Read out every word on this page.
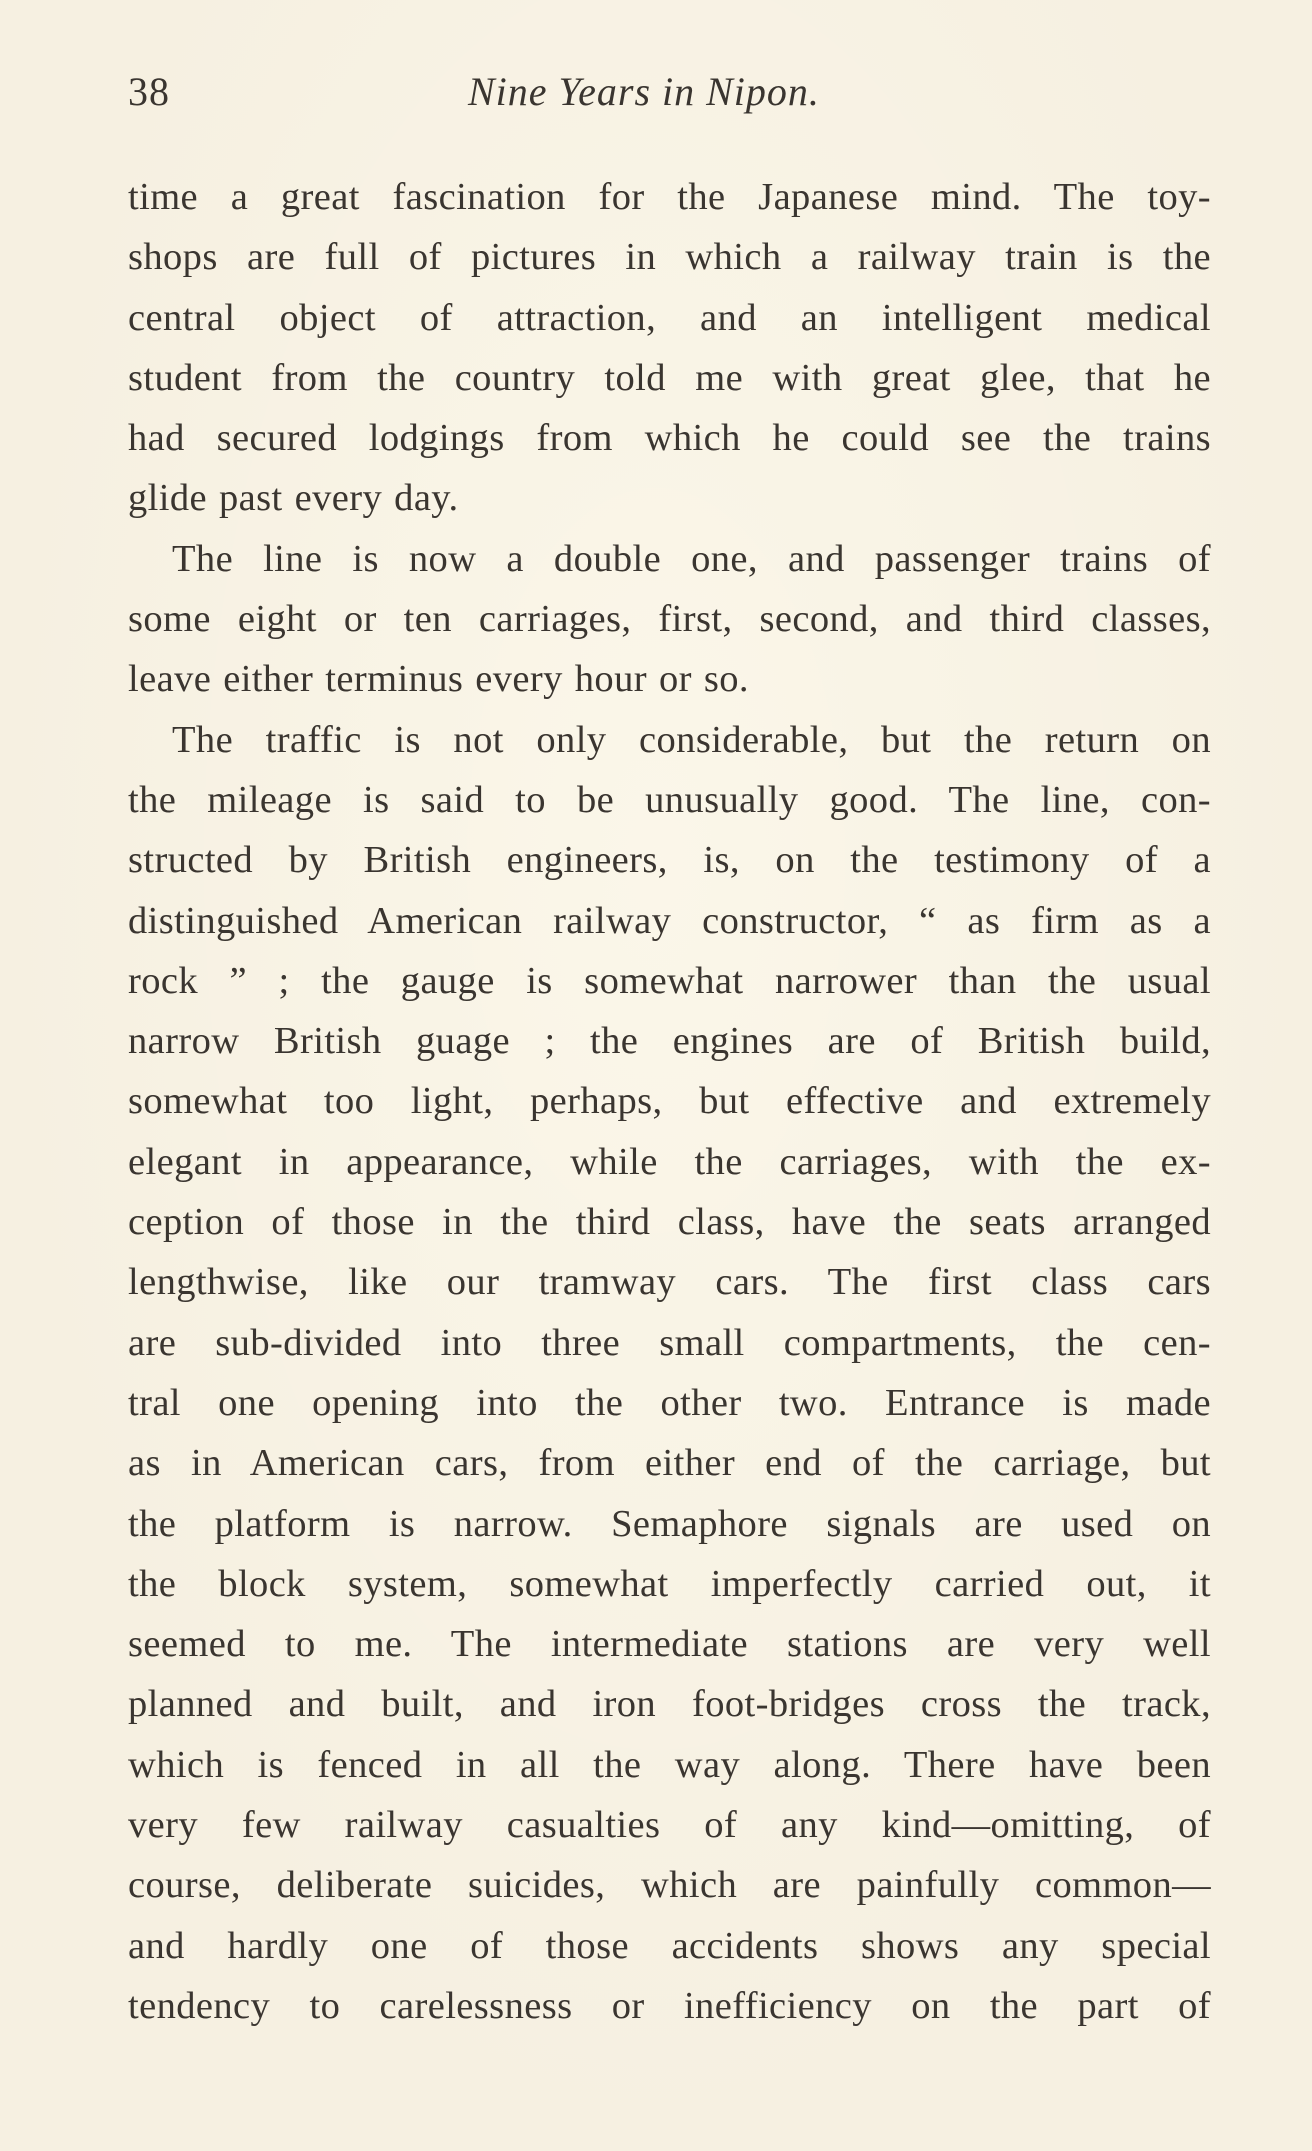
38	Nine Years in Nipon.
time a great fascination for the Japanese mind. The toy-
shops are full of pictures in which a railway train is the
central object of attraction, and an intelligent medical
student from the country told me with great glee, that he
had secured lodgings from which he could see the trains
glide past every day.
The line is now a double one, and passenger trains of
some eight or ten carriages, first, second, and third classes,
leave either terminus every hour or so.
The traffic is not only considerable, but the return on
the mileage is said to be unusually good. The line, con-
structed by British engineers, is, on the testimony of a
distinguished American railway constructor, “ as firm as a
rock ” ; the gauge is somewhat narrower than the usual
narrow British guage ; the engines are of British build,
somewhat too light, perhaps, but effective and extremely
elegant in appearance, while the carriages, with the ex-
ception of those in the third class, have the seats arranged
lengthwise, like our tramway cars. The first class cars
are sub-divided into three small compartments, the cen-
tral one opening into the other two. Entrance is made
as in American cars, from either end of the carriage, but
the platform is narrow. Semaphore signals are used on
the block system, somewhat imperfectly carried out, it
seemed to me. The intermediate stations are very well
planned and built, and iron foot-bridges cross the track,
which is fenced in all the way along. There have been
very few railway casualties of any kind—omitting, of
course, deliberate suicides, which are painfully common—
and hardly one of those accidents shows any special
tendency to carelessness or inefficiency on the part of
